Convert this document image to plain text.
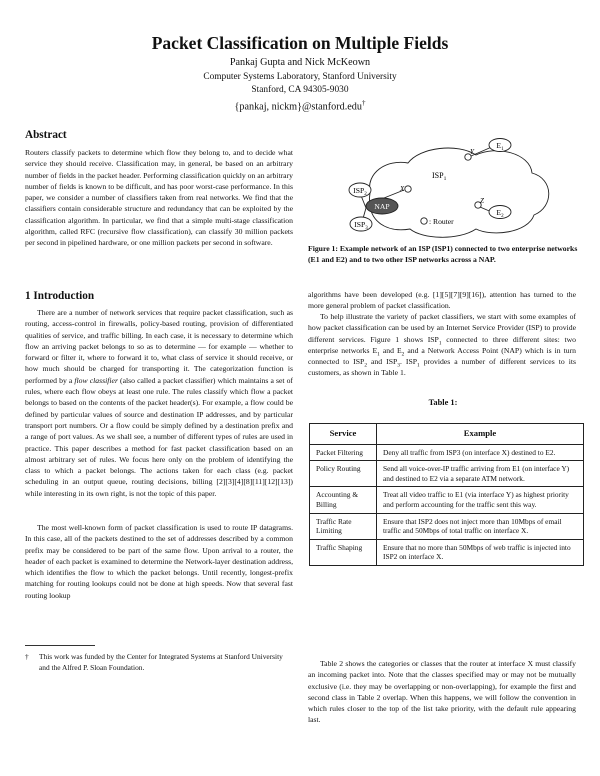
Packet Classification on Multiple Fields
Pankaj Gupta and Nick McKeown
Computer Systems Laboratory, Stanford University
Stanford, CA 94305-9030
{pankaj, nickm}@stanford.edu†
Abstract
Routers classify packets to determine which flow they belong to, and to decide what service they should receive. Classification may, in general, be based on an arbitrary number of fields in the packet header. Performing classification quickly on an arbitrary number of fields is known to be difficult, and has poor worst-case performance. In this paper, we consider a number of classifiers taken from real networks. We find that the classifiers contain considerable structure and redundancy that can be exploited by the classification algorithm. In particular, we find that a simple multi-stage classification algorithm, called RFC (recursive flow classification), can classify 30 million packets per second in pipelined hardware, or one million packets per second in software.
1 Introduction
There are a number of network services that require packet classification, such as routing, access-control in firewalls, policy-based routing, provision of differentiated qualities of service, and traffic billing. In each case, it is necessary to determine which flow an arriving packet belongs to so as to determine — for example — whether to forward or filter it, where to forward it to, what class of service it should receive, or how much should be charged for transporting it. The categorization function is performed by a flow classifier (also called a packet classifier) which maintains a set of rules, where each flow obeys at least one rule. The rules classify which flow a packet belongs to based on the contents of the packet header(s). For example, a flow could be defined by particular values of source and destination IP addresses, and by particular transport port numbers. Or a flow could be simply defined by a destination prefix and a range of port values. As we shall see, a number of different types of rules are used in practice. This paper describes a method for fast packet classification based on an almost arbitrary set of rules. We focus here only on the problem of identifying the class to which a packet belongs. The actions taken for each class (e.g. packet scheduling in an output queue, routing decisions, billing [2][3][4][8][11][12][13]) while interesting in its own right, is not the topic of this paper.
The most well-known form of packet classification is used to route IP datagrams. In this case, all of the packets destined to the set of addresses described by a common prefix may be considered to be part of the same flow. Upon arrival to a router, the header of each packet is examined to determine the Network-layer destination address, which identifies the flow to which the packet belongs. Until recently, longest-prefix matching for routing lookups could not be done at high speeds. Now that several fast routing lookup
†	This work was funded by the Center for Integrated Systems at Stanford University and the Alfred P. Sloan Foundation.
$ISP_2$
$ISP_3$
NAP
X
Y
Z
$ISP_1$
$E_1$
$E_2$
: Router
Figure 1: Example network of an ISP (ISP1) connected to two enterprise networks (E1 and E2) and to two other ISP networks across a NAP.
algorithms have been developed (e.g. [1][5][7][9][16]), attention has turned to the more general problem of packet classification.
To help illustrate the variety of packet classifiers, we start with some examples of how packet classification can be used by an Internet Service Provider (ISP) to provide different services. Figure 1 shows $ISP_1$ connected to three different sites: two enterprise networks $E_1$ and $E_2$ and a Network Access Point (NAP) which is in turn connected to $ISP_2$ and $ISP_3$. $ISP_1$ provides a number of different services to its customers, as shown in Table 1.
Table 1:
Service	Example
Packet Filtering	Deny all traffic from ISP3 (on interface X) destined to E2.
Policy Routing	Send all voice-over-IP traffic arriving from E1 (on interface Y) and destined to E2 via a separate ATM network.
Accounting & Billing	Treat all video traffic to E1 (via interface Y) as highest priority and perform accounting for the traffic sent this way.
Traffic Rate Limiting	Ensure that ISP2 does not inject more than 10Mbps of email traffic and 50Mbps of total traffic on interface X.
Traffic Shaping	Ensure that no more than 50Mbps of web traffic is injected into ISP2 on interface X.
Table 2 shows the categories or classes that the router at interface X must classify an incoming packet into. Note that the classes specified may or may not be mutually exclusive (i.e. they may be overlapping or non-overlapping), for example the first and second class in Table 2 overlap. When this happens, we will follow the convention in which rules closer to the top of the list take priority, with the default rule appearing last.
